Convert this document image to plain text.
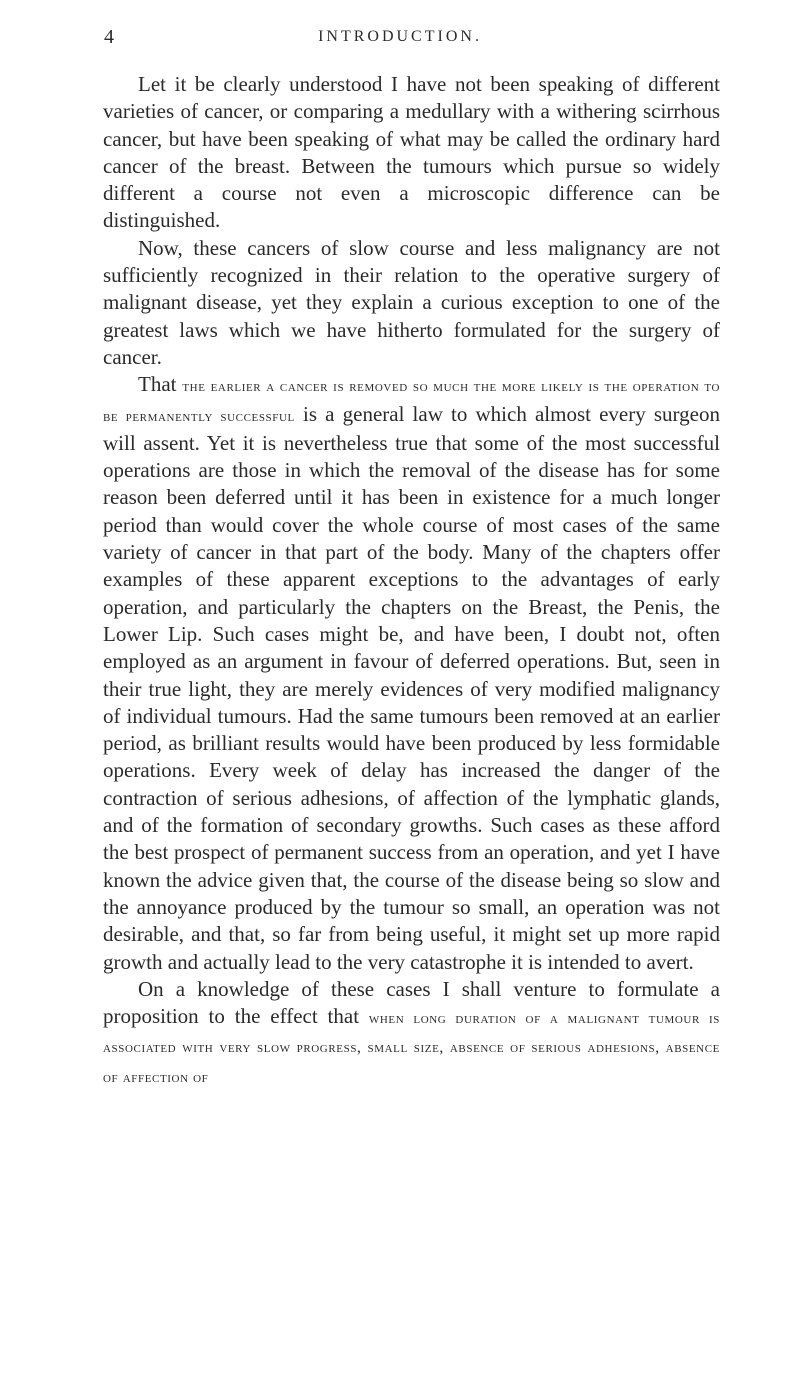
4	INTRODUCTION.

Let it be clearly understood I have not been speaking of different varieties of cancer, or comparing a medullary with a withering scirrhous cancer, but have been speaking of what may be called the ordinary hard cancer of the breast. Between the tumours which pursue so widely different a course not even a microscopic difference can be distinguished.

Now, these cancers of slow course and less malignancy are not sufficiently recognized in their relation to the operative surgery of malignant disease, yet they explain a curious exception to one of the greatest laws which we have hitherto formulated for the surgery of cancer.

That the earlier a cancer is removed so much the more likely is the operation to be permanently successful is a general law to which almost every surgeon will assent. Yet it is nevertheless true that some of the most successful operations are those in which the removal of the disease has for some reason been deferred until it has been in existence for a much longer period than would cover the whole course of most cases of the same variety of cancer in that part of the body. Many of the chapters offer examples of these apparent exceptions to the advantages of early operation, and particularly the chapters on the Breast, the Penis, the Lower Lip. Such cases might be, and have been, I doubt not, often employed as an argument in favour of deferred operations. But, seen in their true light, they are merely evidences of very modified malignancy of individual tumours. Had the same tumours been removed at an earlier period, as brilliant results would have been produced by less formidable operations. Every week of delay has increased the danger of the contraction of serious adhesions, of affection of the lymphatic glands, and of the formation of secondary growths. Such cases as these afford the best prospect of permanent success from an operation, and yet I have known the advice given that, the course of the disease being so slow and the annoyance produced by the tumour so small, an operation was not desirable, and that, so far from being useful, it might set up more rapid growth and actually lead to the very catastrophe it is intended to avert.

On a knowledge of these cases I shall venture to formulate a proposition to the effect that when long duration of a malignant tumour is associated with very slow progress, small size, absence of serious adhesions, absence of affection of
